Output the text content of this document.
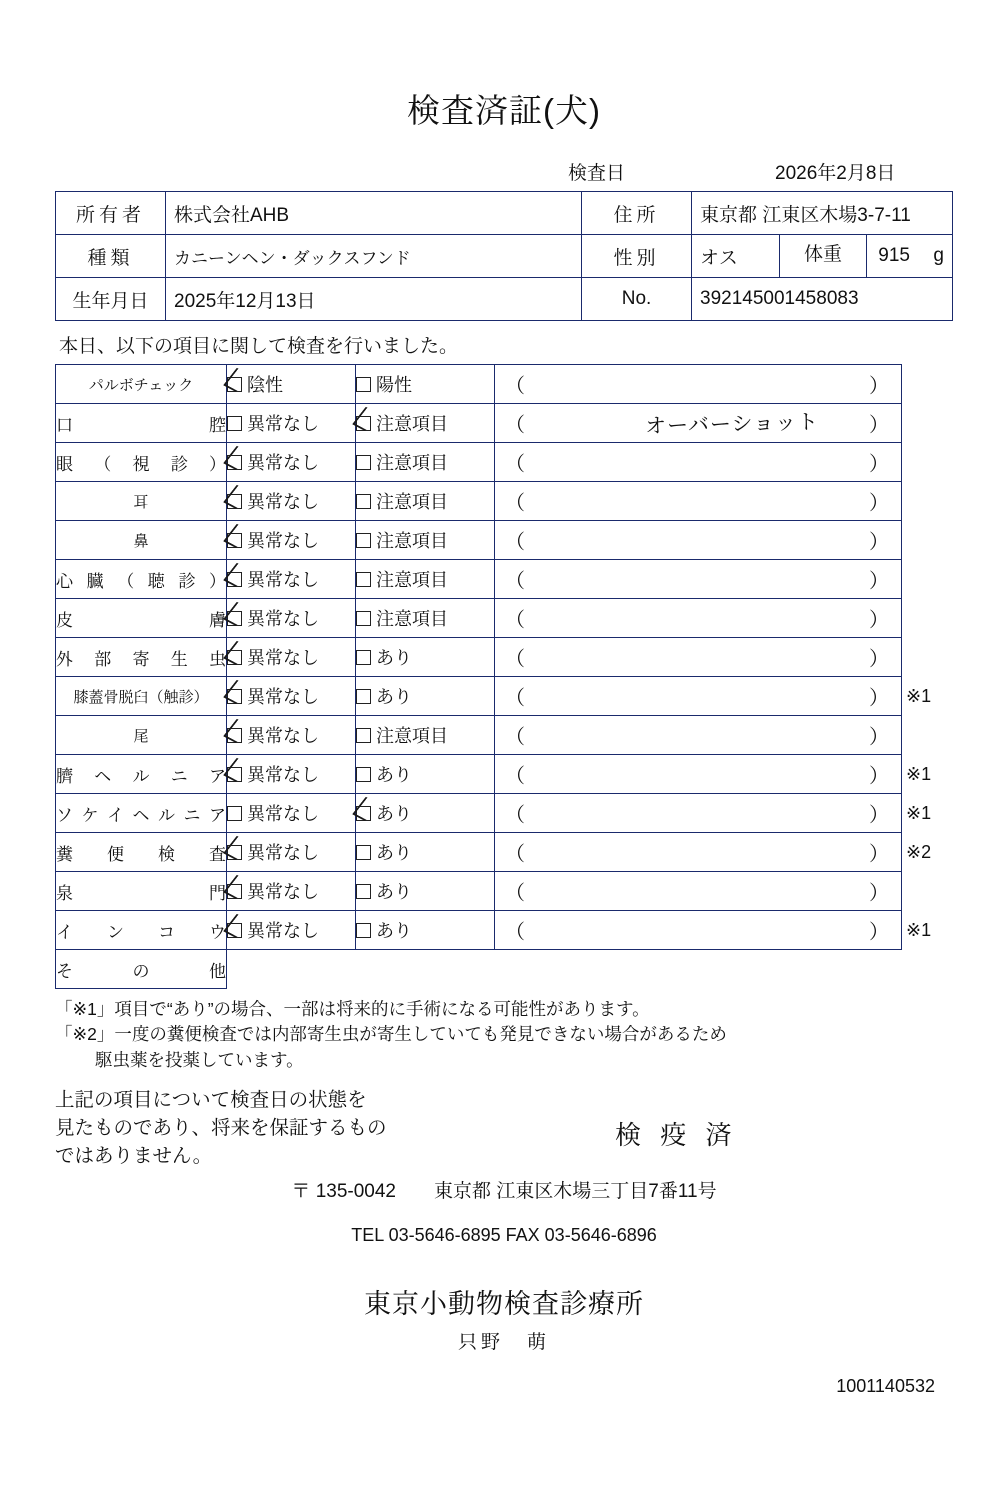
検査済証(犬)
検査日	2026年2月8日
所有者	株式会社AHB	住所	東京都 江東区木場3-7-11	
種類	カニーンヘン・ダックスフンド	性別	オス	体重 915 g

生年月日	2025年12月13日	No.	392145001458083	
本日、以下の項目に関して検査を行いました。
パルボチェック	陰性	陽性	（ ）	

口 腔	異常なし	注意項目	（ オーバーショット ）	

眼 （ 視 診 ）	異常なし	注意項目	（ ）	

耳	異常なし	注意項目	（ ）	

鼻	異常なし	注意項目	（ ）	

心 臓 （ 聴 診 ）	異常なし	注意項目	（	）

皮 膚	異常なし	注意項目	（ ）	

外 部 寄 生 虫	異常なし	あり	（ ）	

膝蓋骨脱臼（触診）	異常なし	あり	（ ）	※1

尾	異常なし	注意項目	（ ）	

臍 ヘ ル ニ ア	異常なし	あり	（ ）	※1

ソ ケ イ ヘ ル ニ ア	異常なし	あり	（	）	※1

糞 便 検 査	異常なし	あり	（ ）	※2

泉 門	異常なし	あり	（ ）	

イ ン コ ウ	異常なし	あり	（ ）	※1

そ の 他				

「※1」項目で“あり”の場合、一部は将来的に手術になる可能性があります。
「※2」一度の糞便検査では内部寄生虫が寄生していても発見できない場合があるため
駆虫薬を投薬しています。
上記の項目について検査日の状態を
見たものであり、将来を保証するもの
ではありません。
検 疫 済
〒 135-0042　　東京都 江東区木場三丁目7番11号
TEL 03-5646-6895 FAX 03-5646-6896
東京小動物検査診療所
只野　萌
1001140532
